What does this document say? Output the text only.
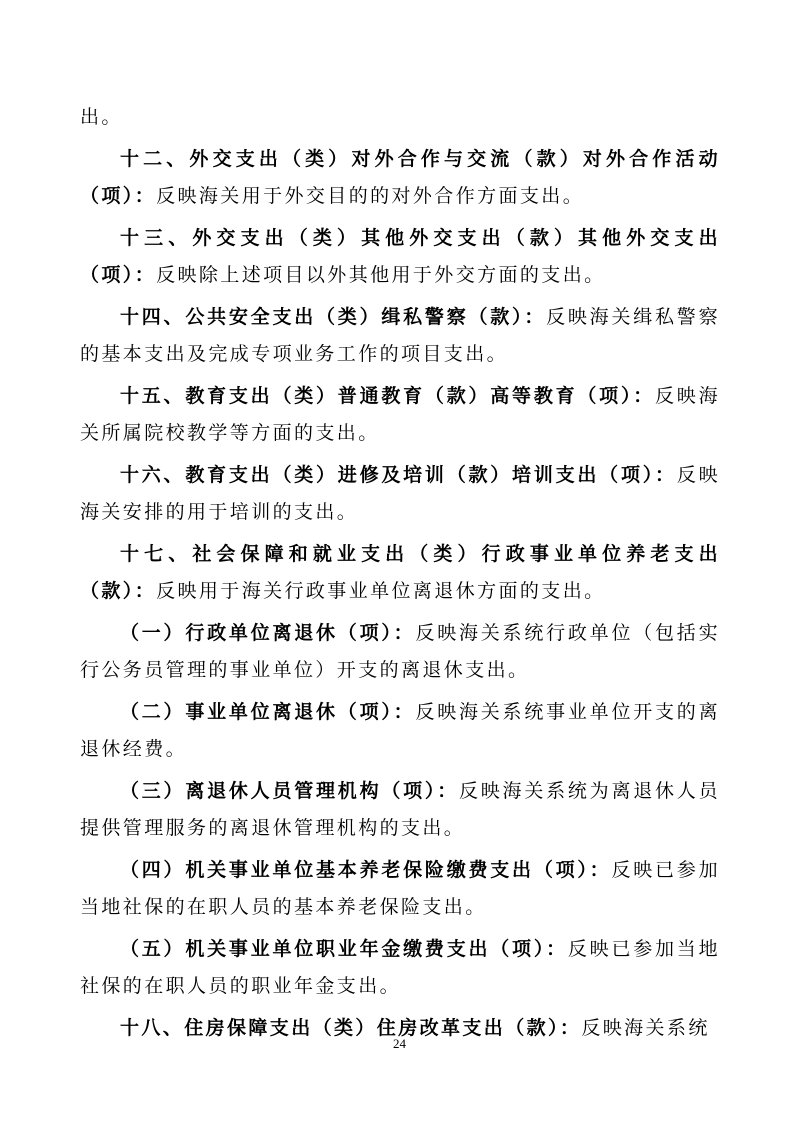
出。

十二、外交支出（类）对外合作与交流（款）对外合作活动（项）：反映海关用于外交目的的对外合作方面支出。

十三、外交支出（类）其他外交支出（款）其他外交支出（项）：反映除上述项目以外其他用于外交方面的支出。

十四、公共安全支出（类）缉私警察（款）：反映海关缉私警察的基本支出及完成专项业务工作的项目支出。

十五、教育支出（类）普通教育（款）高等教育（项）：反映海关所属院校教学等方面的支出。

十六、教育支出（类）进修及培训（款）培训支出（项）：反映海关安排的用于培训的支出。

十七、社会保障和就业支出（类）行政事业单位养老支出（款）：反映用于海关行政事业单位离退休方面的支出。

（一）行政单位离退休（项）：反映海关系统行政单位（包括实行公务员管理的事业单位）开支的离退休支出。

（二）事业单位离退休（项）：反映海关系统事业单位开支的离退休经费。

（三）离退休人员管理机构（项）：反映海关系统为离退休人员提供管理服务的离退休管理机构的支出。

（四）机关事业单位基本养老保险缴费支出（项）：反映已参加当地社保的在职人员的基本养老保险支出。

（五）机关事业单位职业年金缴费支出（项）：反映已参加当地社保的在职人员的职业年金支出。

十八、住房保障支出（类）住房改革支出（款）：反映海关系统

24
